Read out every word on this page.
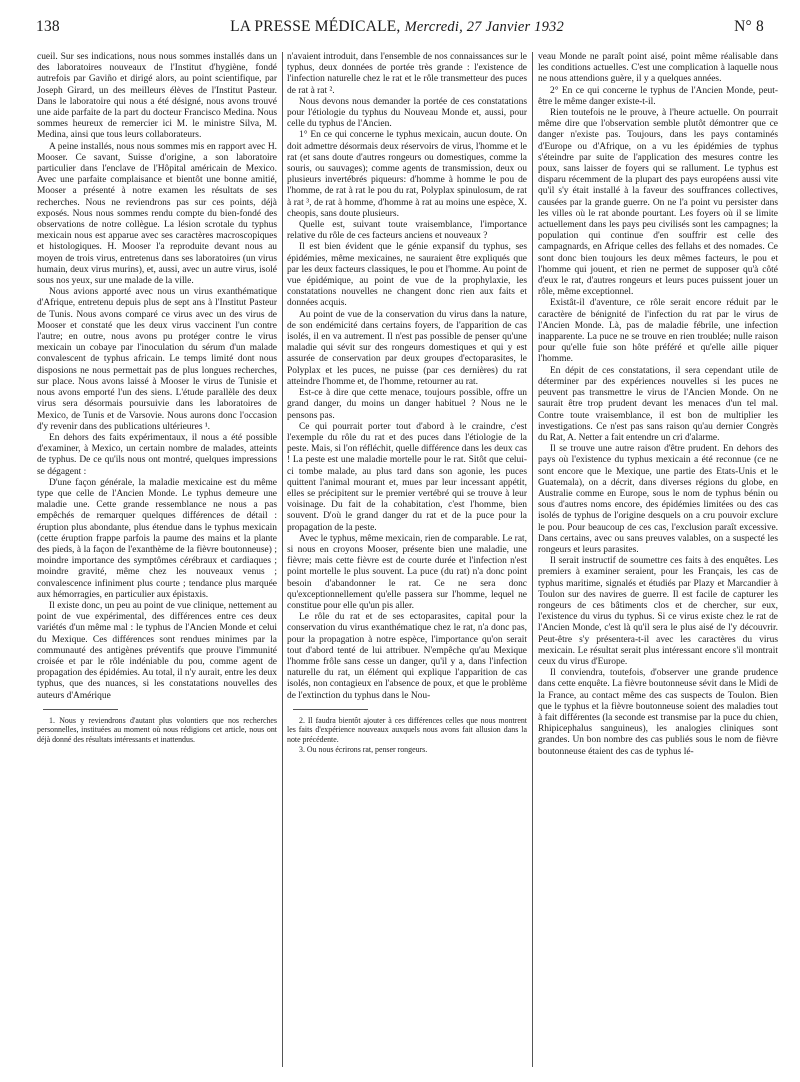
138	LA PRESSE MÉDICALE, Mercredi, 27 Janvier 1932	N° 8

cueil. Sur ses indications, nous nous sommes installés dans un des laboratoires nouveaux de l'Institut d'hygiène, fondé autrefois par Gaviño et dirigé alors, au point scientifique, par Joseph Girard, un des meilleurs élèves de l'Institut Pasteur. Dans le laboratoire qui nous a été désigné, nous avons trouvé une aide parfaite de la part du docteur Francisco Medina. Nous sommes heureux de remercier ici M. le ministre Silva, M. Medina, ainsi que tous leurs collaborateurs.

A peine installés, nous nous sommes mis en rapport avec H. Mooser. Ce savant, Suisse d'origine, a son laboratoire particulier dans l'enclave de l'Hôpital américain de Mexico. Avec une parfaite complaisance et bientôt une bonne amitié, Mooser a présenté à notre examen les résultats de ses recherches. Nous ne reviendrons pas sur ces points, déjà exposés. Nous nous sommes rendu compte du bien-fondé des observations de notre collègue. La lésion scrotale du typhus mexicain nous est apparue avec ses caractères macroscopiques et histologiques. H. Mooser l'a reproduite devant nous au moyen de trois virus, entretenus dans ses laboratoires (un virus humain, deux virus murins), et, aussi, avec un autre virus, isolé sous nos yeux, sur une malade de la ville.

Nous avions apporté avec nous un virus exanthématique d'Afrique, entretenu depuis plus de sept ans à l'Institut Pasteur de Tunis. Nous avons comparé ce virus avec un des virus de Mooser et constaté que les deux virus vaccinent l'un contre l'autre; en outre, nous avons pu protéger contre le virus mexicain un cobaye par l'inoculation du sérum d'un malade convalescent de typhus africain. Le temps limité dont nous disposions ne nous permettait pas de plus longues recherches, sur place. Nous avons laissé à Mooser le virus de Tunisie et nous avons emporté l'un des siens. L'étude parallèle des deux virus sera désormais poursuivie dans les laboratoires de Mexico, de Tunis et de Varsovie. Nous aurons donc l'occasion d'y revenir dans des publications ultérieures ¹.

En dehors des faits expérimentaux, il nous a été possible d'examiner, à Mexico, un certain nombre de malades, atteints de typhus. De ce qu'ils nous ont montré, quelques impressions se dégagent :

D'une façon générale, la maladie mexicaine est du même type que celle de l'Ancien Monde. Le typhus demeure une maladie une. Cette grande ressemblance ne nous a pas empêchés de remarquer quelques différences de détail : éruption plus abondante, plus étendue dans le typhus mexicain (cette éruption frappe parfois la paume des mains et la plante des pieds, à la façon de l'exanthème de la fièvre boutonneuse) ; moindre importance des symptômes cérébraux et cardiaques ; moindre gravité, même chez les nouveaux venus ; convalescence infiniment plus courte ; tendance plus marquée aux hémorragies, en particulier aux épistaxis.

Il existe donc, un peu au point de vue clinique, nettement au point de vue expérimental, des différences entre ces deux variétés d'un même mal : le typhus de l'Ancien Monde et celui du Mexique. Ces différences sont rendues minimes par la communauté des antigènes préventifs que prouve l'immunité croisée et par le rôle indéniable du pou, comme agent de propagation des épidémies. Au total, il n'y aurait, entre les deux typhus, que des nuances, si les constatations nouvelles des auteurs d'Amérique

1. Nous y reviendrons d'autant plus volontiers que nos recherches personnelles, instituées au moment où nous rédigions cet article, nous ont déjà donné des résultats intéressants et inattendus.

n'avaient introduit, dans l'ensemble de nos connaissances sur le typhus, deux données de portée très grande : l'existence de l'infection naturelle chez le rat et le rôle transmetteur des puces de rat à rat ².

Nous devons nous demander la portée de ces constatations pour l'étiologie du typhus du Nouveau Monde et, aussi, pour celle du typhus de l'Ancien.

1° En ce qui concerne le typhus mexicain, aucun doute. On doit admettre désormais deux réservoirs de virus, l'homme et le rat (et sans doute d'autres rongeurs ou domestiques, comme la souris, ou sauvages); comme agents de transmission, deux ou plusieurs invertébrés piqueurs: d'homme à homme le pou de l'homme, de rat à rat le pou du rat, Polyplax spinulosum, de rat à rat ³, de rat à homme, d'homme à rat au moins une espèce, X. cheopis, sans doute plusieurs.

Quelle est, suivant toute vraisemblance, l'importance relative du rôle de ces facteurs anciens et nouveaux ?

Il est bien évident que le génie expansif du typhus, ses épidémies, même mexicaines, ne sauraient être expliqués que par les deux facteurs classiques, le pou et l'homme. Au point de vue épidémique, au point de vue de la prophylaxie, les constatations nouvelles ne changent donc rien aux faits et données acquis.

Au point de vue de la conservation du virus dans la nature, de son endémicité dans certains foyers, de l'apparition de cas isolés, il en va autrement. Il n'est pas possible de penser qu'une maladie qui sévit sur des rongeurs domestiques et qui y est assurée de conservation par deux groupes d'ectoparasites, le Polyplax et les puces, ne puisse (par ces dernières) du rat atteindre l'homme et, de l'homme, retourner au rat.

Est-ce à dire que cette menace, toujours possible, offre un grand danger, du moins un danger habituel ? Nous ne le pensons pas.

Ce qui pourrait porter tout d'abord à le craindre, c'est l'exemple du rôle du rat et des puces dans l'étiologie de la peste. Mais, si l'on réfléchit, quelle différence dans les deux cas ! La peste est une maladie mortelle pour le rat. Sitôt que celui-ci tombe malade, au plus tard dans son agonie, les puces quittent l'animal mourant et, mues par leur incessant appétit, elles se précipitent sur le premier vertébré qui se trouve à leur voisinage. Du fait de la cohabitation, c'est l'homme, bien souvent. D'où le grand danger du rat et de la puce pour la propagation de la peste.

Avec le typhus, même mexicain, rien de comparable. Le rat, si nous en croyons Mooser, présente bien une maladie, une fièvre; mais cette fièvre est de courte durée et l'infection n'est point mortelle le plus souvent. La puce (du rat) n'a donc point besoin d'abandonner le rat. Ce ne sera donc qu'exceptionnellement qu'elle passera sur l'homme, lequel ne constitue pour elle qu'un pis aller.

Le rôle du rat et de ses ectoparasites, capital pour la conservation du virus exanthématique chez le rat, n'a donc pas, pour la propagation à notre espèce, l'importance qu'on serait tout d'abord tenté de lui attribuer. N'empêche qu'au Mexique l'homme frôle sans cesse un danger, qu'il y a, dans l'infection naturelle du rat, un élément qui explique l'apparition de cas isolés, non contagieux en l'absence de poux, et que le problème de l'extinction du typhus dans le Nou-

2. Il faudra bientôt ajouter à ces différences celles que nous montrent les faits d'expérience nouveaux auxquels nous avons fait allusion dans la note précédente.

3. Ou nous écrirons rat, penser rongeurs.

veau Monde ne paraît point aisé, point même réalisable dans les conditions actuelles. C'est une complication à laquelle nous ne nous attendions guère, il y a quelques années.

2° En ce qui concerne le typhus de l'Ancien Monde, peut-être le même danger existe-t-il.

Rien toutefois ne le prouve, à l'heure actuelle. On pourrait même dire que l'observation semble plutôt démontrer que ce danger n'existe pas. Toujours, dans les pays contaminés d'Europe ou d'Afrique, on a vu les épidémies de typhus s'éteindre par suite de l'application des mesures contre les poux, sans laisser de foyers qui se rallument. Le typhus est disparu récemment de la plupart des pays européens aussi vite qu'il s'y était installé à la faveur des souffrances collectives, causées par la grande guerre. On ne l'a point vu persister dans les villes où le rat abonde pourtant. Les foyers où il se limite actuellement dans les pays peu civilisés sont les campagnes; la population qui continue d'en souffrir est celle des campagnards, en Afrique celles des fellahs et des nomades. Ce sont donc bien toujours les deux mêmes facteurs, le pou et l'homme qui jouent, et rien ne permet de supposer qu'à côté d'eux le rat, d'autres rongeurs et leurs puces puissent jouer un rôle, même exceptionnel.

Existât-il d'aventure, ce rôle serait encore réduit par le caractère de bénignité de l'infection du rat par le virus de l'Ancien Monde. Là, pas de maladie fébrile, une infection inapparente. La puce ne se trouve en rien troublée; nulle raison pour qu'elle fuie son hôte préféré et qu'elle aille piquer l'homme.

En dépit de ces constatations, il sera cependant utile de déterminer par des expériences nouvelles si les puces ne peuvent pas transmettre le virus de l'Ancien Monde. On ne saurait être trop prudent devant les menaces d'un tel mal. Contre toute vraisemblance, il est bon de multiplier les investigations. Ce n'est pas sans raison qu'au dernier Congrès du Rat, A. Netter a fait entendre un cri d'alarme.

Il se trouve une autre raison d'être prudent. En dehors des pays où l'existence du typhus mexicain a été reconnue (ce ne sont encore que le Mexique, une partie des Etats-Unis et le Guatemala), on a décrit, dans diverses régions du globe, en Australie comme en Europe, sous le nom de typhus bénin ou sous d'autres noms encore, des épidémies limitées ou des cas isolés de typhus de l'origine desquels on a cru pouvoir exclure le pou. Pour beaucoup de ces cas, l'exclusion paraît excessive. Dans certains, avec ou sans preuves valables, on a suspecté les rongeurs et leurs parasites.

Il serait instructif de soumettre ces faits à des enquêtes. Les premiers à examiner seraient, pour les Français, les cas de typhus maritime, signalés et étudiés par Plazy et Marcandier à Toulon sur des navires de guerre. Il est facile de capturer les rongeurs de ces bâtiments clos et de chercher, sur eux, l'existence du virus du typhus. Si ce virus existe chez le rat de l'Ancien Monde, c'est là qu'il sera le plus aisé de l'y découvrir. Peut-être s'y présentera-t-il avec les caractères du virus mexicain. Le résultat serait plus intéressant encore s'il montrait ceux du virus d'Europe.

Il conviendra, toutefois, d'observer une grande prudence dans cette enquête. La fièvre boutonneuse sévit dans le Midi de la France, au contact même des cas suspects de Toulon. Bien que le typhus et la fièvre boutonneuse soient des maladies tout à fait différentes (la seconde est transmise par la puce du chien, Rhipicephalus sanguineus), les analogies cliniques sont grandes. Un bon nombre des cas publiés sous le nom de fièvre boutonneuse étaient des cas de typhus lé-
